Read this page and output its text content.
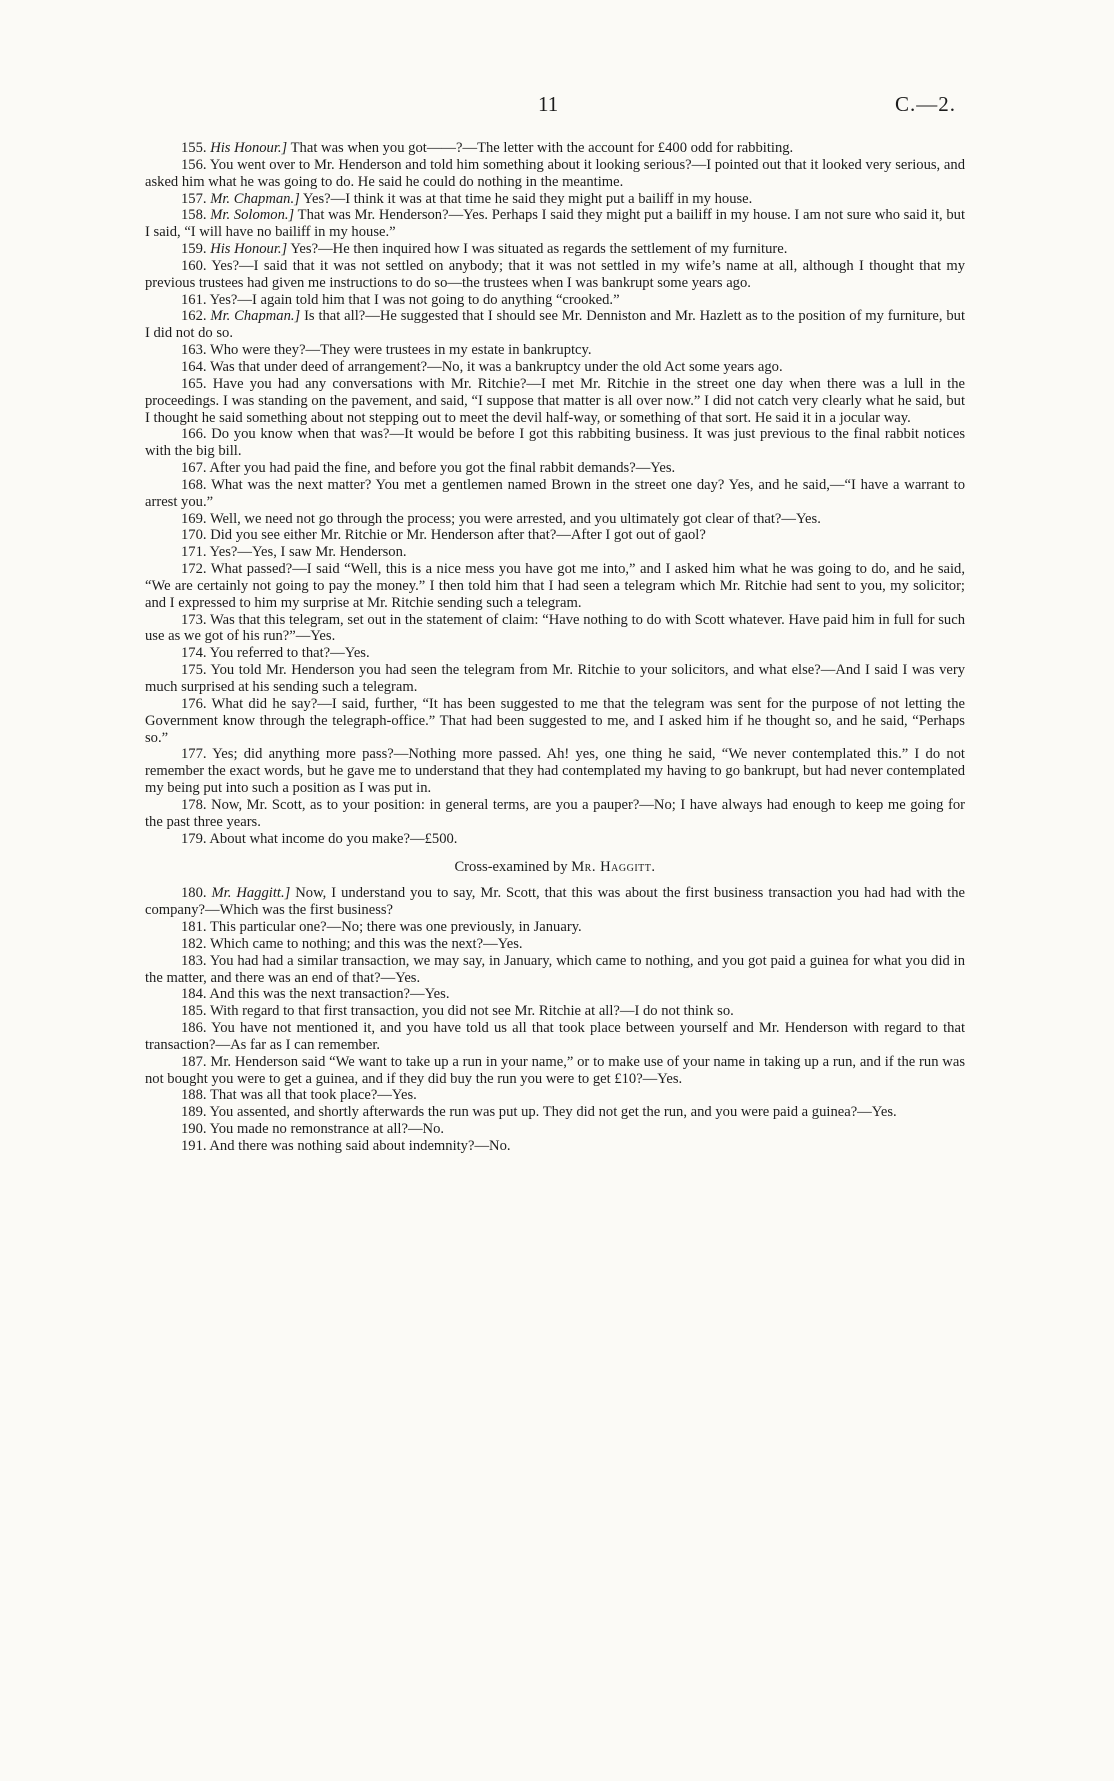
11	C.—2.

155. His Honour.] That was when you got——?—The letter with the account for £400 odd for rabbiting.

156. You went over to Mr. Henderson and told him something about it looking serious?—I pointed out that it looked very serious, and asked him what he was going to do. He said he could do nothing in the meantime.

157. Mr. Chapman.] Yes?—I think it was at that time he said they might put a bailiff in my house.

158. Mr. Solomon.] That was Mr. Henderson?—Yes. Perhaps I said they might put a bailiff in my house. I am not sure who said it, but I said, “I will have no bailiff in my house.”

159. His Honour.] Yes?—He then inquired how I was situated as regards the settlement of my furniture.

160. Yes?—I said that it was not settled on anybody; that it was not settled in my wife’s name at all, although I thought that my previous trustees had given me instructions to do so—the trustees when I was bankrupt some years ago.

161. Yes?—I again told him that I was not going to do anything “crooked.”

162. Mr. Chapman.] Is that all?—He suggested that I should see Mr. Denniston and Mr. Hazlett as to the position of my furniture, but I did not do so.

163. Who were they?—They were trustees in my estate in bankruptcy.

164. Was that under deed of arrangement?—No, it was a bankruptcy under the old Act some years ago.

165. Have you had any conversations with Mr. Ritchie?—I met Mr. Ritchie in the street one day when there was a lull in the proceedings. I was standing on the pavement, and said, “I suppose that matter is all over now.” I did not catch very clearly what he said, but I thought he said something about not stepping out to meet the devil half-way, or something of that sort. He said it in a jocular way.

166. Do you know when that was?—It would be before I got this rabbiting business. It was just previous to the final rabbit notices with the big bill.

167. After you had paid the fine, and before you got the final rabbit demands?—Yes.

168. What was the next matter? You met a gentlemen named Brown in the street one day? Yes, and he said,—“I have a warrant to arrest you.”

169. Well, we need not go through the process; you were arrested, and you ultimately got clear of that?—Yes.

170. Did you see either Mr. Ritchie or Mr. Henderson after that?—After I got out of gaol?

171. Yes?—Yes, I saw Mr. Henderson.

172. What passed?—I said “Well, this is a nice mess you have got me into,” and I asked him what he was going to do, and he said, “We are certainly not going to pay the money.” I then told him that I had seen a telegram which Mr. Ritchie had sent to you, my solicitor; and I expressed to him my surprise at Mr. Ritchie sending such a telegram.

173. Was that this telegram, set out in the statement of claim: “Have nothing to do with Scott whatever. Have paid him in full for such use as we got of his run?”—Yes.

174. You referred to that?—Yes.

175. You told Mr. Henderson you had seen the telegram from Mr. Ritchie to your solicitors, and what else?—And I said I was very much surprised at his sending such a telegram.

176. What did he say?—I said, further, “It has been suggested to me that the telegram was sent for the purpose of not letting the Government know through the telegraph-office.” That had been suggested to me, and I asked him if he thought so, and he said, “Perhaps so.”

177. Yes; did anything more pass?—Nothing more passed. Ah! yes, one thing he said, “We never contemplated this.” I do not remember the exact words, but he gave me to understand that they had contemplated my having to go bankrupt, but had never contemplated my being put into such a position as I was put in.

178. Now, Mr. Scott, as to your position: in general terms, are you a pauper?—No; I have always had enough to keep me going for the past three years.

179. About what income do you make?—£500.

Cross-examined by Mr. Haggitt.

180. Mr. Haggitt.] Now, I understand you to say, Mr. Scott, that this was about the first business transaction you had had with the company?—Which was the first business?

181. This particular one?—No; there was one previously, in January.

182. Which came to nothing; and this was the next?—Yes.

183. You had had a similar transaction, we may say, in January, which came to nothing, and you got paid a guinea for what you did in the matter, and there was an end of that?—Yes.

184. And this was the next transaction?—Yes.

185. With regard to that first transaction, you did not see Mr. Ritchie at all?—I do not think so.

186. You have not mentioned it, and you have told us all that took place between yourself and Mr. Henderson with regard to that transaction?—As far as I can remember.

187. Mr. Henderson said “We want to take up a run in your name,” or to make use of your name in taking up a run, and if the run was not bought you were to get a guinea, and if they did buy the run you were to get £10?—Yes.

188. That was all that took place?—Yes.

189. You assented, and shortly afterwards the run was put up. They did not get the run, and you were paid a guinea?—Yes.

190. You made no remonstrance at all?—No.

191. And there was nothing said about indemnity?—No.
